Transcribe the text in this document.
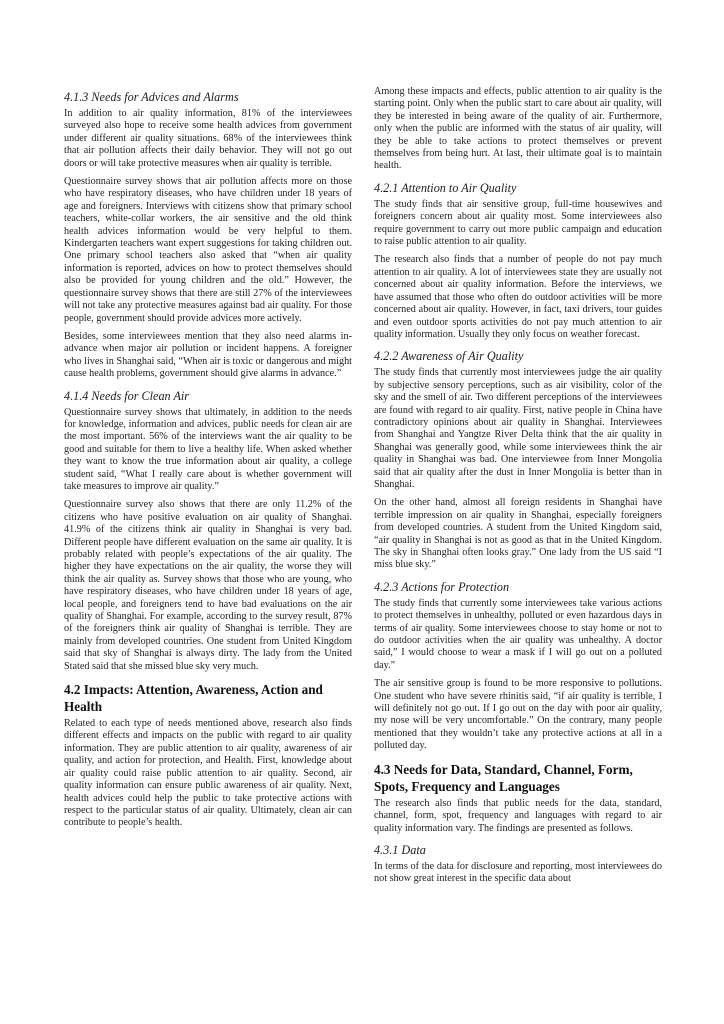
4.1.3 Needs for Advices and Alarms

In addition to air quality information, 81% of the interviewees surveyed also hope to receive some health advices from government under different air quality situations. 68% of the interviewees think that air pollution affects their daily behavior. They will not go out doors or will take protective measures when air quality is terrible.

Questionnaire survey shows that air pollution affects more on those who have respiratory diseases, who have children under 18 years of age and foreigners. Interviews with citizens show that primary school teachers, white-collar workers, the air sensitive and the old think health advices information would be very helpful to them. Kindergarten teachers want expert suggestions for taking children out. One primary school teachers also asked that “when air quality information is reported, advices on how to protect themselves should also be provided for young children and the old.” However, the questionnaire survey shows that there are still 27% of the interviewees will not take any protective measures against bad air quality. For those people, government should provide advices more actively.

Besides, some interviewees mention that they also need alarms in-advance when major air pollution or incident happens. A foreigner who lives in Shanghai said, “When air is toxic or dangerous and might cause health problems, government should give alarms in advance.”

4.1.4 Needs for Clean Air

Questionnaire survey shows that ultimately, in addition to the needs for knowledge, information and advices, public needs for clean air are the most important. 56% of the interviews want the air quality to be good and suitable for them to live a healthy life. When asked whether they want to know the true information about air quality, a college student said, “What I really care about is whether government will take measures to improve air quality.”

Questionnaire survey also shows that there are only 11.2% of the citizens who have positive evaluation on air quality of Shanghai. 41.9% of the citizens think air quality in Shanghai is very bad. Different people have different evaluation on the same air quality. It is probably related with people’s expectations of the air quality. The higher they have expectations on the air quality, the worse they will think the air quality as. Survey shows that those who are young, who have respiratory diseases, who have children under 18 years of age, local people, and foreigners tend to have bad evaluations on the air quality of Shanghai. For example, according to the survey result, 87% of the foreigners think air quality of Shanghai is terrible. They are mainly from developed countries. One student from United Kingdom said that sky of Shanghai is always dirty. The lady from the United Stated said that she missed blue sky very much.

4.2 Impacts: Attention, Awareness, Action and Health

Related to each type of needs mentioned above, research also finds different effects and impacts on the public with regard to air quality information. They are public attention to air quality, awareness of air quality, and action for protection, and Health. First, knowledge about air quality could raise public attention to air quality. Second, air quality information can ensure public awareness of air quality. Next, health advices could help the public to take protective actions with respect to the particular status of air quality. Ultimately, clean air can contribute to people’s health.

Among these impacts and effects, public attention to air quality is the starting point. Only when the public start to care about air quality, will they be interested in being aware of the quality of air. Furthermore, only when the public are informed with the status of air quality, will they be able to take actions to protect themselves or prevent themselves from being hurt. At last, their ultimate goal is to maintain health.

4.2.1 Attention to Air Quality

The study finds that air sensitive group, full-time housewives and foreigners concern about air quality most. Some interviewees also require government to carry out more public campaign and education to raise public attention to air quality.

The research also finds that a number of people do not pay much attention to air quality. A lot of interviewees state they are usually not concerned about air quality information. Before the interviews, we have assumed that those who often do outdoor activities will be more concerned about air quality. However, in fact, taxi drivers, tour guides and even outdoor sports activities do not pay much attention to air quality information. Usually they only focus on weather forecast.

4.2.2 Awareness of Air Quality

The study finds that currently most interviewees judge the air quality by subjective sensory perceptions, such as air visibility, color of the sky and the smell of air. Two different perceptions of the interviewees are found with regard to air quality. First, native people in China have contradictory opinions about air quality in Shanghai. Interviewees from Shanghai and Yangtze River Delta think that the air quality in Shanghai was generally good, while some interviewees think the air quality in Shanghai was bad. One interviewee from Inner Mongolia said that air quality after the dust in Inner Mongolia is better than in Shanghai.

On the other hand, almost all foreign residents in Shanghai have terrible impression on air quality in Shanghai, especially foreigners from developed countries. A student from the United Kingdom said, “air quality in Shanghai is not as good as that in the United Kingdom. The sky in Shanghai often looks gray.” One lady from the US said “I miss blue sky.”

4.2.3 Actions for Protection

The study finds that currently some interviewees take various actions to protect themselves in unhealthy, polluted or even hazardous days in terms of air quality. Some interviewees choose to stay home or not to do outdoor activities when the air quality was unhealthy. A doctor said,” I would choose to wear a mask if I will go out on a polluted day.”

The air sensitive group is found to be more responsive to pollutions. One student who have severe rhinitis said, “if air quality is terrible, I will definitely not go out. If I go out on the day with poor air quality, my nose will be very uncomfortable.” On the contrary, many people mentioned that they wouldn’t take any protective actions at all in a polluted day.

4.3 Needs for Data, Standard, Channel, Form, Spots, Frequency and Languages

The research also finds that public needs for the data, standard, channel, form, spot, frequency and languages with regard to air quality information vary. The findings are presented as follows.

4.3.1 Data

In terms of the data for disclosure and reporting, most interviewees do not show great interest in the specific data about
